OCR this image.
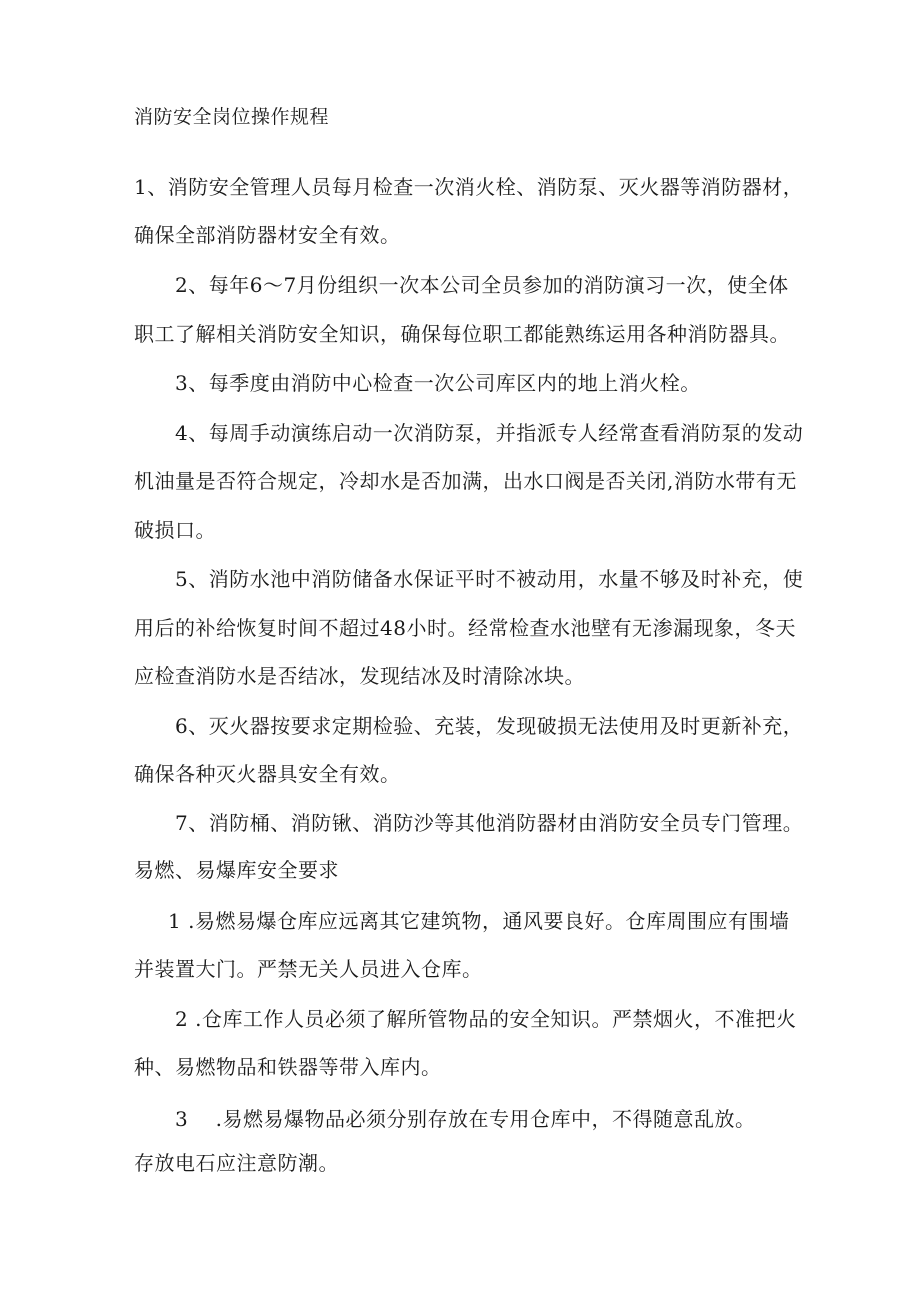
消防安全岗位操作规程
1、消防安全管理人员每月检查一次消火栓、消防泵、灭火器等消防器材，
确保全部消防器材安全有效。
2、每年6～7月份组织一次本公司全员参加的消防演习一次，使全体
职工了解相关消防安全知识，确保每位职工都能熟练运用各种消防器具。
3、每季度由消防中心检查一次公司库区内的地上消火栓。
4、每周手动演练启动一次消防泵，并指派专人经常查看消防泵的发动
机油量是否符合规定，冷却水是否加满，出水口阀是否关闭,消防水带有无
破损口。
5、消防水池中消防储备水保证平时不被动用，水量不够及时补充，使
用后的补给恢复时间不超过48小时。经常检查水池壁有无渗漏现象，冬天
应检查消防水是否结冰，发现结冰及时清除冰块。
6、灭火器按要求定期检验、充装，发现破损无法使用及时更新补充，
确保各种灭火器具安全有效。
7、消防桶、消防锹、消防沙等其他消防器材由消防安全员专门管理。
易燃、易爆库安全要求
1 .易燃易爆仓库应远离其它建筑物，通风要良好。仓库周围应有围墙
并装置大门。严禁无关人员进入仓库。
2 .仓库工作人员必须了解所管物品的安全知识。严禁烟火，不准把火
种、易燃物品和铁器等带入库内。
3　 .易燃易爆物品必须分别存放在专用仓库中，不得随意乱放。
存放电石应注意防潮。
